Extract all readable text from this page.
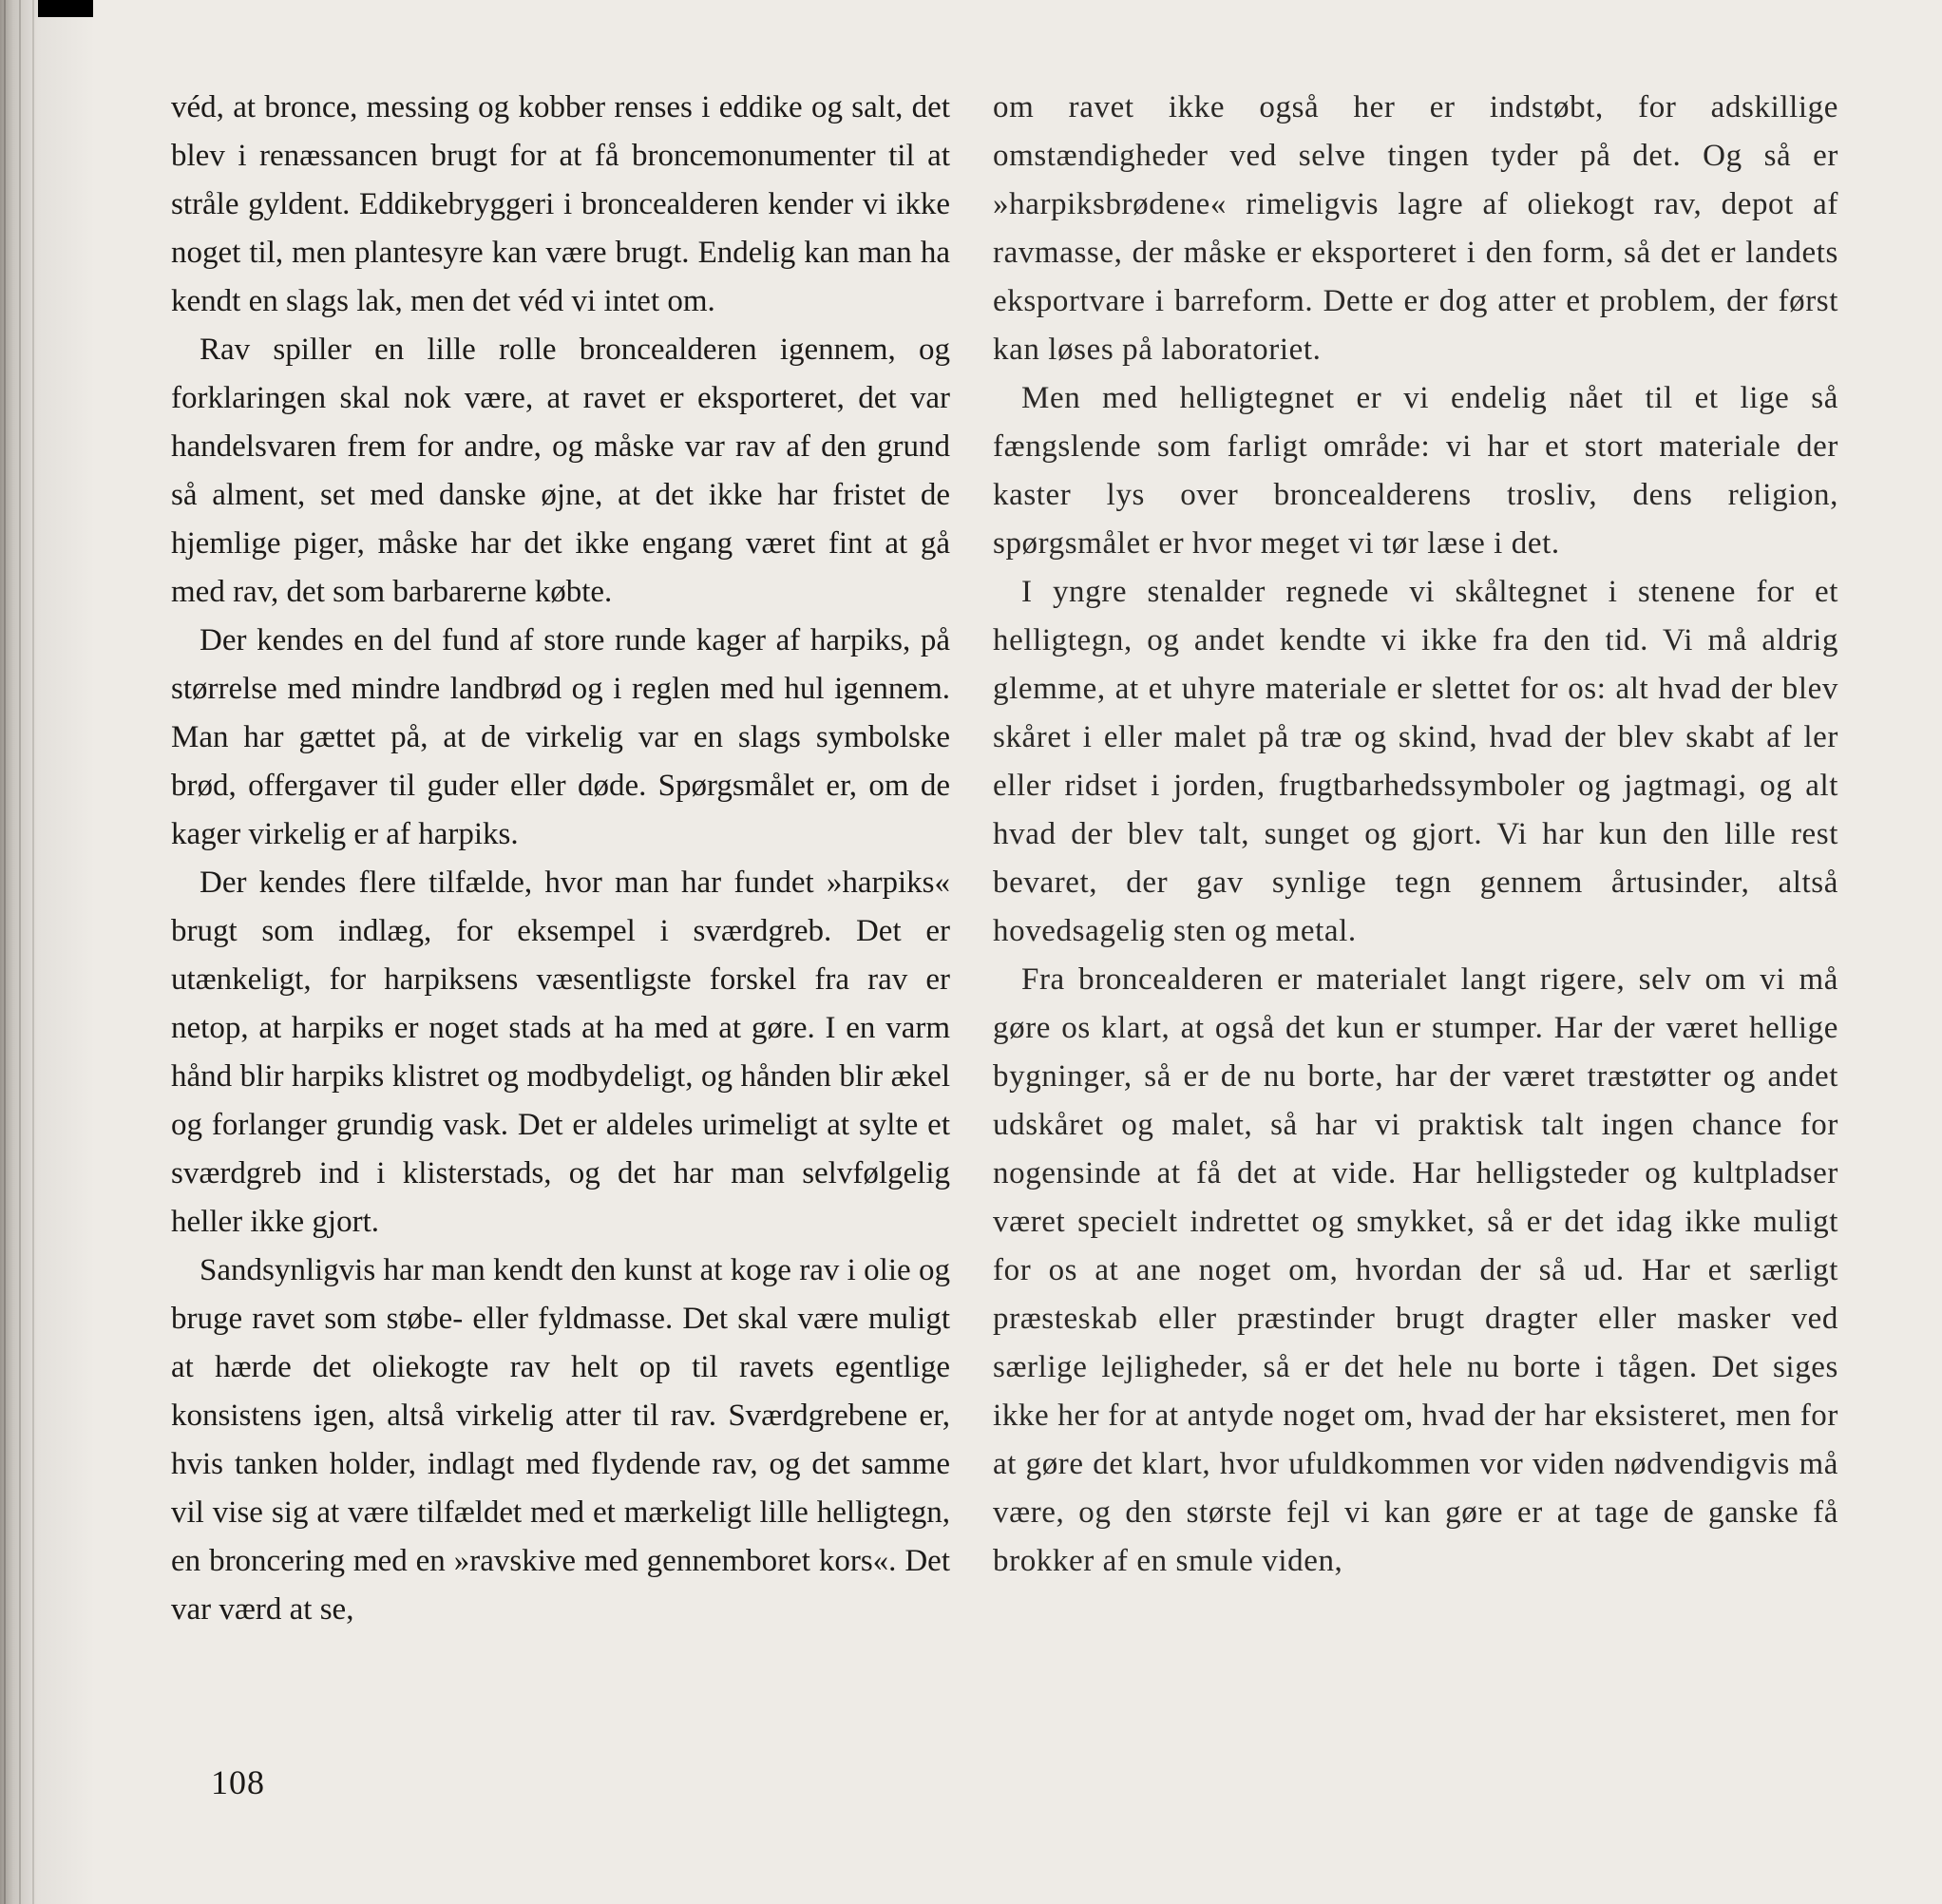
véd, at bronce, messing og kobber renses i eddike og salt, det blev i renæssancen brugt for at få broncemonumenter til at stråle gyldent. Eddikebryggeri i broncealderen kender vi ikke noget til, men plantesyre kan være brugt. Endelig kan man ha kendt en slags lak, men det véd vi intet om.

Rav spiller en lille rolle broncealderen igennem, og forklaringen skal nok være, at ravet er eksporteret, det var handelsvaren frem for andre, og måske var rav af den grund så alment, set med danske øjne, at det ikke har fristet de hjemlige piger, måske har det ikke engang været fint at gå med rav, det som barbarerne købte.

Der kendes en del fund af store runde kager af harpiks, på størrelse med mindre landbrød og i reglen med hul igennem. Man har gættet på, at de virkelig var en slags symbolske brød, offergaver til guder eller døde. Spørgsmålet er, om de kager virkelig er af harpiks.

Der kendes flere tilfælde, hvor man har fundet »harpiks« brugt som indlæg, for eksempel i sværdgreb. Det er utænkeligt, for harpiksens væsentligste forskel fra rav er netop, at harpiks er noget stads at ha med at gøre. I en varm hånd blir harpiks klistret og modbydeligt, og hånden blir ækel og forlanger grundig vask. Det er aldeles urimeligt at sylte et sværdgreb ind i klisterstads, og det har man selvfølgelig heller ikke gjort.

Sandsynligvis har man kendt den kunst at koge rav i olie og bruge ravet som støbe- eller fyldmasse. Det skal være muligt at hærde det oliekogte rav helt op til ravets egentlige konsistens igen, altså virkelig atter til rav. Sværdgrebene er, hvis tanken holder, indlagt med flydende rav, og det samme vil vise sig at være tilfældet med et mærkeligt lille helligtegn, en broncering med en »ravskive med gennemboret kors«. Det var værd at se,

om ravet ikke også her er indstøbt, for adskillige omstændigheder ved selve tingen tyder på det. Og så er »harpiksbrødene« rimeligvis lagre af oliekogt rav, depot af ravmasse, der måske er eksporteret i den form, så det er landets eksportvare i barreform. Dette er dog atter et problem, der først kan løses på laboratoriet.

Men med helligtegnet er vi endelig nået til et lige så fængslende som farligt område: vi har et stort materiale der kaster lys over broncealderens trosliv, dens religion, spørgsmålet er hvor meget vi tør læse i det.

I yngre stenalder regnede vi skåltegnet i stenene for et helligtegn, og andet kendte vi ikke fra den tid. Vi må aldrig glemme, at et uhyre materiale er slettet for os: alt hvad der blev skåret i eller malet på træ og skind, hvad der blev skabt af ler eller ridset i jorden, frugtbarhedssymboler og jagtmagi, og alt hvad der blev talt, sunget og gjort. Vi har kun den lille rest bevaret, der gav synlige tegn gennem årtusinder, altså hovedsagelig sten og metal.

Fra broncealderen er materialet langt rigere, selv om vi må gøre os klart, at også det kun er stumper. Har der været hellige bygninger, så er de nu borte, har der været træstøtter og andet udskåret og malet, så har vi praktisk talt ingen chance for nogensinde at få det at vide. Har helligsteder og kultpladser været specielt indrettet og smykket, så er det idag ikke muligt for os at ane noget om, hvordan der så ud. Har et særligt præsteskab eller præstinder brugt dragter eller masker ved særlige lejligheder, så er det hele nu borte i tågen. Det siges ikke her for at antyde noget om, hvad der har eksisteret, men for at gøre det klart, hvor ufuldkommen vor viden nødvendigvis må være, og den største fejl vi kan gøre er at tage de ganske få brokker af en smule viden,

108
